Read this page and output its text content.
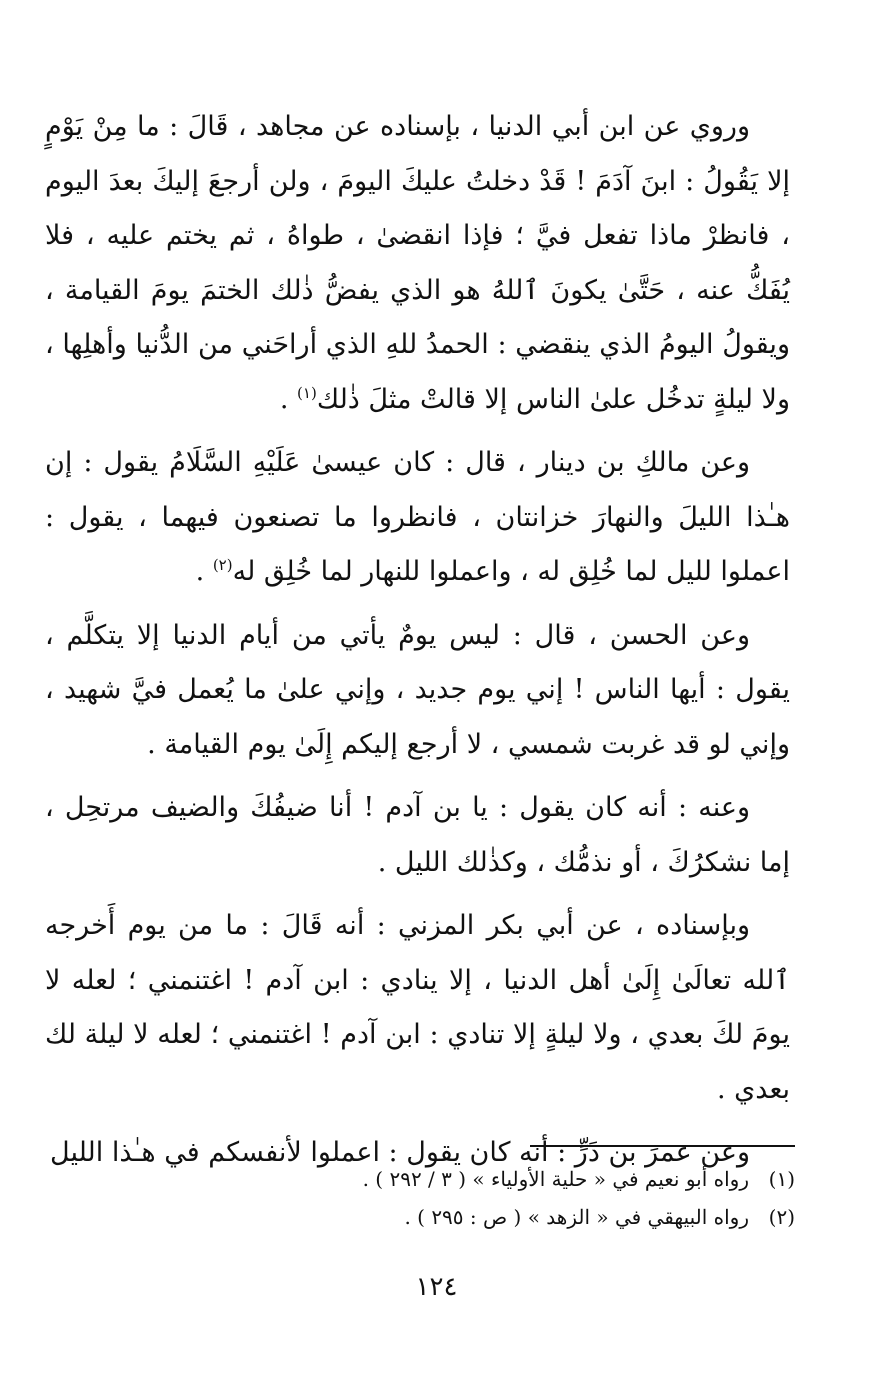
وروي عن ابن أبي الدنيا ، بإسناده عن مجاهد ، قَالَ : ما مِنْ يَوْمٍ إلا يَقُولُ : ابنَ آدَمَ ! قَدْ دخلتُ عليكَ اليومَ ، ولن أرجعَ إليكَ بعدَ اليوم ، فانظرْ ماذا تفعل فيَّ ؛ فإذا انقضىٰ ، طواهُ ، ثم يختم عليه ، فلا يُفَكُّ عنه ، حَتَّىٰ يكونَ ٱللهُ هو الذي يفضُّ ذٰلك الختمَ يومَ القيامة ، ويقولُ اليومُ الذي ينقضي : الحمدُ للهِ الذي أراحَني من الدُّنيا وأهلِها ، ولا ليلةٍ تدخُل علىٰ الناس إلا قالتْ مثلَ ذٰلك$^{(١)}$ .

وعن مالكِ بن دينار ، قال : كان عيسىٰ عَلَيْهِ السَّلَامُ يقول : إن هـٰذا الليلَ والنهارَ خزانتان ، فانظروا ما تصنعون فيهما ، يقول : اعملوا لليل لما خُلِق له ، واعملوا للنهار لما خُلِق له$^{(٢)}$ .

وعن الحسن ، قال : ليس يومٌ يأتي من أيام الدنيا إلا يتكلَّم ، يقول : أيها الناس ! إني يوم جديد ، وإني علىٰ ما يُعمل فيَّ شهيد ، وإني لو قد غربت شمسي ، لا أرجع إليكم إِلَىٰ يوم القيامة .

وعنه : أنه كان يقول : يا بن آدم ! أنا ضيفُكَ والضيف مرتحِل ، إما نشكرُكَ ، أو نذمُّك ، وكذٰلك الليل .

وبإسناده ، عن أبي بكر المزني : أنه قَالَ : ما من يوم أَخرجه ٱلله تعالَىٰ إِلَىٰ أهل الدنيا ، إلا ينادي : ابن آدم ! اغتنمني ؛ لعله لا يومَ لكَ بعدي ، ولا ليلةٍ إلا تنادي : ابن آدم ! اغتنمني ؛ لعله لا ليلة لك بعدي .

وعن عمرَ بن ذَرٍّ : أنه كان يقول : اعملوا لأنفسكم في هـٰذا الليل

(١)
رواه أبو نعيم في « حلية الأولياء » ( ٣ / ٢٩٢ ) .
(٢)
رواه البيهقي في « الزهد » ( ص : ٢٩٥ ) .
١٢٤
